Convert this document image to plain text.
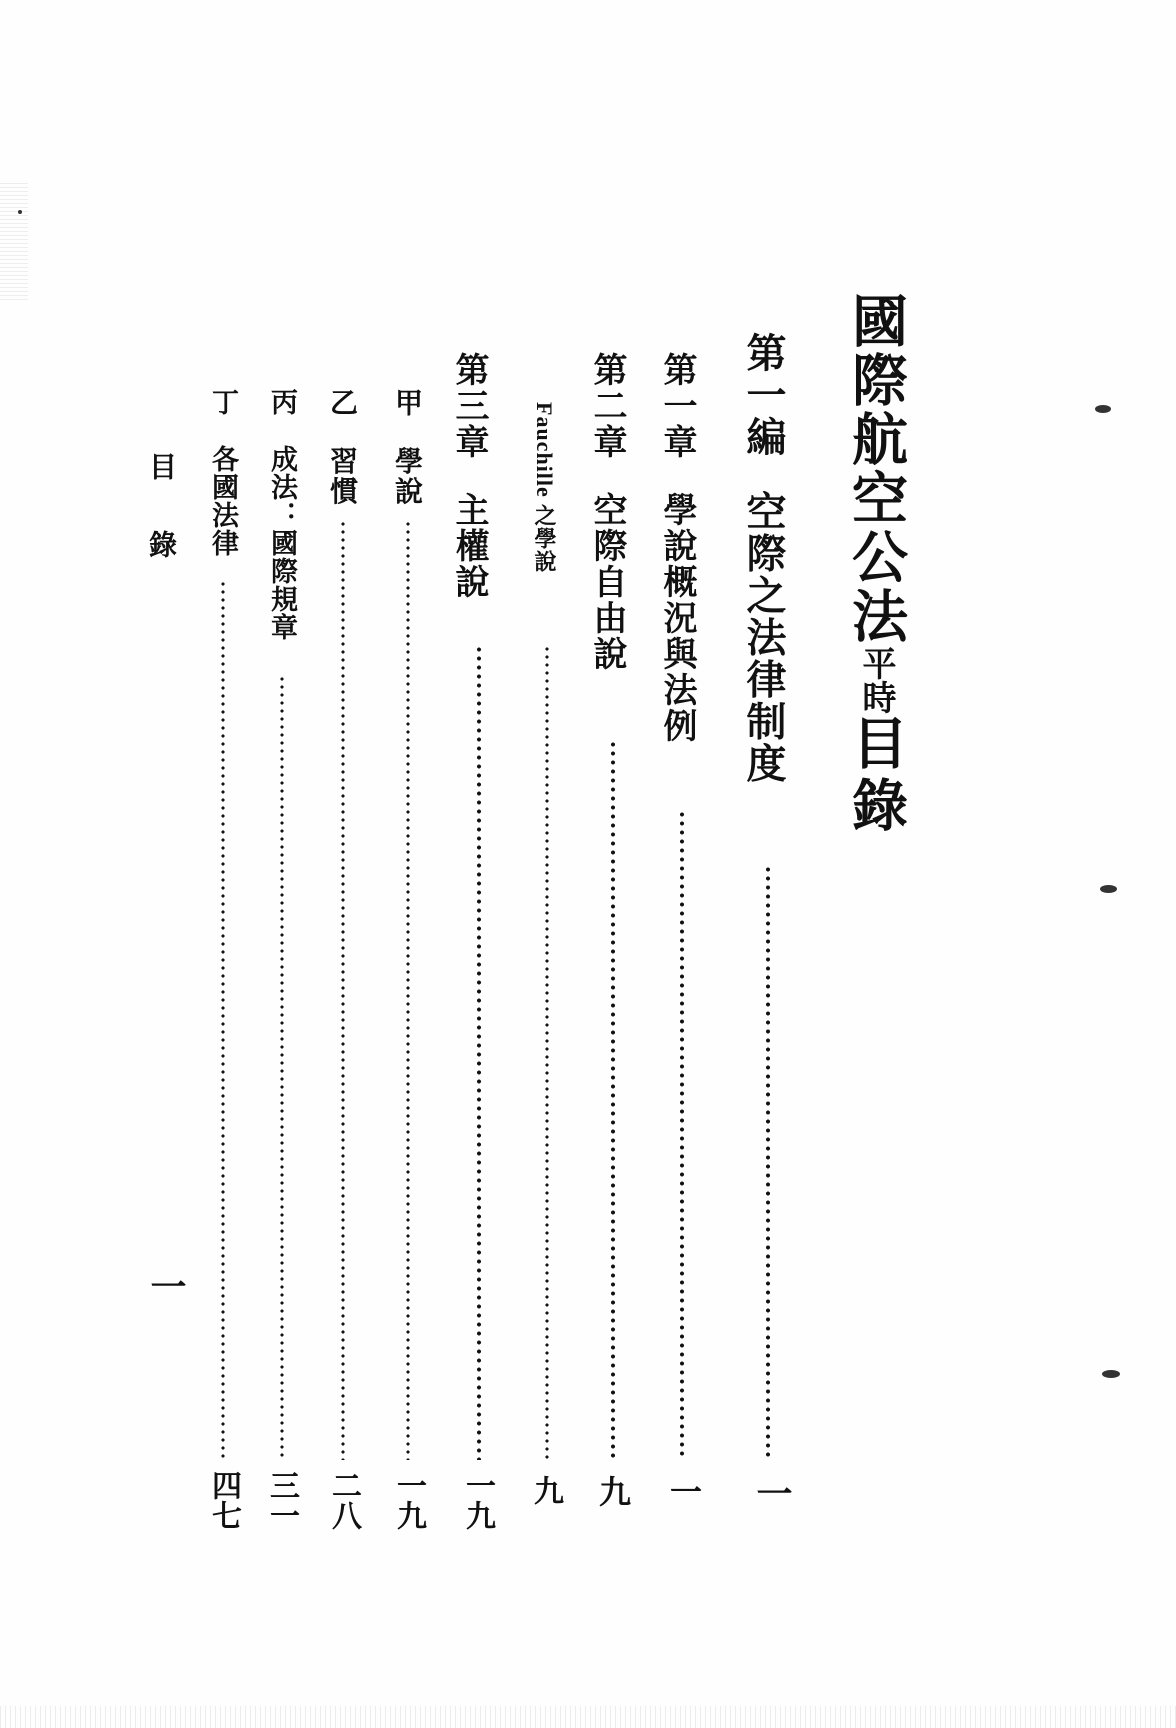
國際航空公法平時目錄
第一編  空際之法律制度
一
第一章  學說概況與法例
一
第二章  空際自由說
九
Fauchille 之學說
九
第三章  主權說
一九
甲  學說
一九
乙  習慣
二八
丙  成法：國際規章
三一
丁  各國法律
四七
目錄
一
